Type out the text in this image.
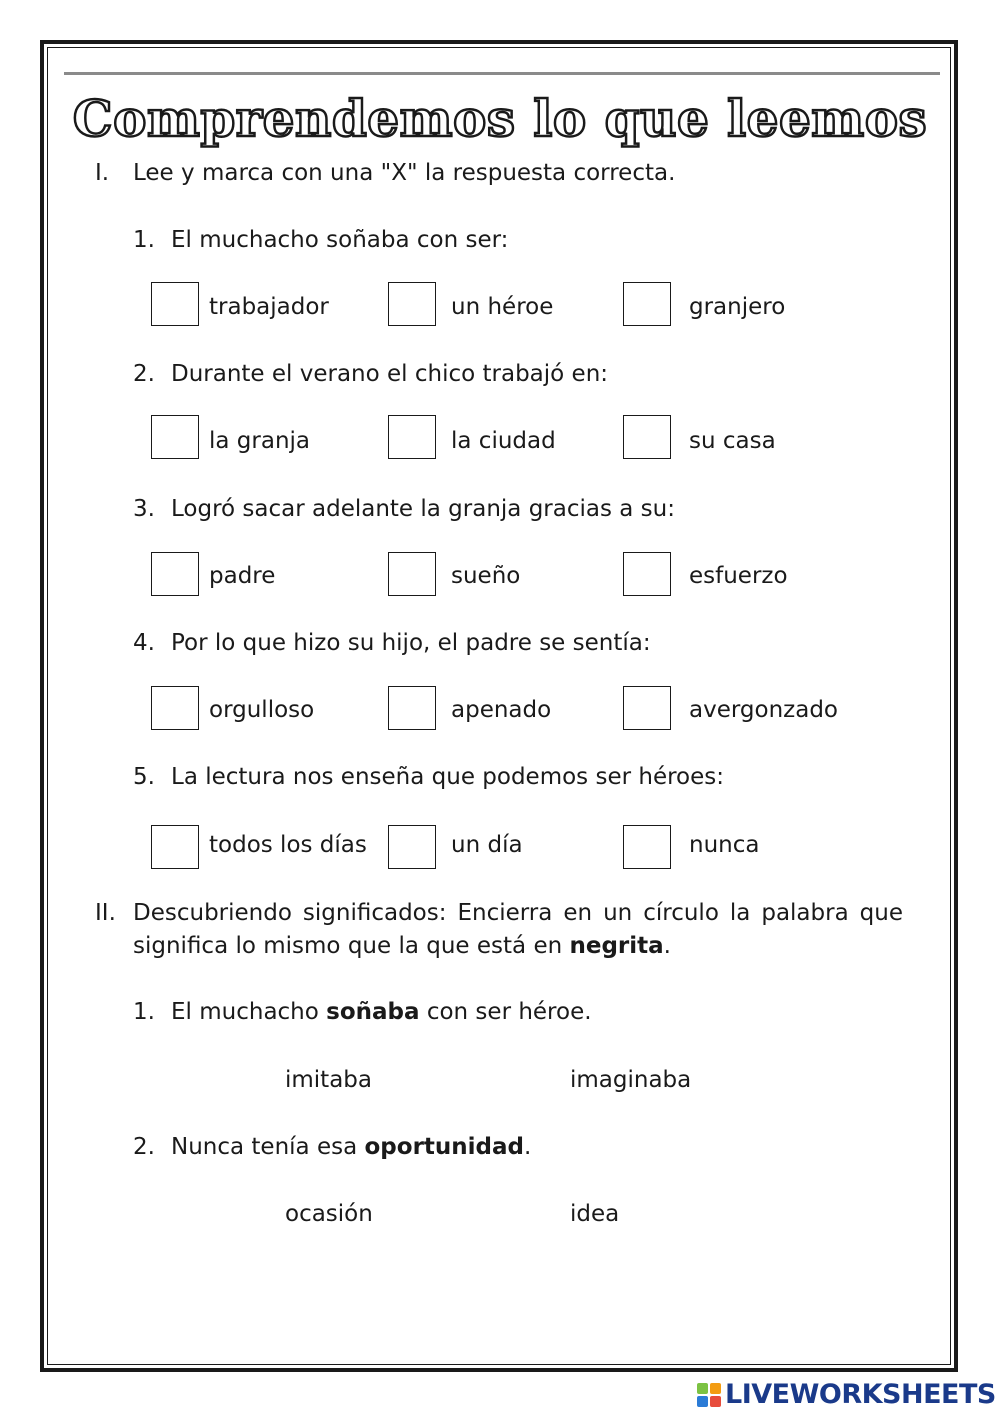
Comprendemos lo que leemos
I. Lee y marca con una "X" la respuesta correcta.
1. El muchacho soñaba con ser:
trabajador	un héroe	granjero
2. Durante el verano el chico trabajó en:
la granja	la ciudad	su casa
3. Logró sacar adelante la granja gracias a su:
padre	sueño	esfuerzo
4. Por lo que hizo su hijo, el padre se sentía:
orgulloso	apenado	avergonzado
5. La lectura nos enseña que podemos ser héroes:
todos los días	un día	nunca
II. Descubriendo significados: Encierra en un círculo la palabra que significa lo mismo que la que está en negrita.
1. El muchacho soñaba con ser héroe.
imitaba	imaginaba
2. Nunca tenía esa oportunidad.
ocasión	idea
LIVEWORKSHEETS
